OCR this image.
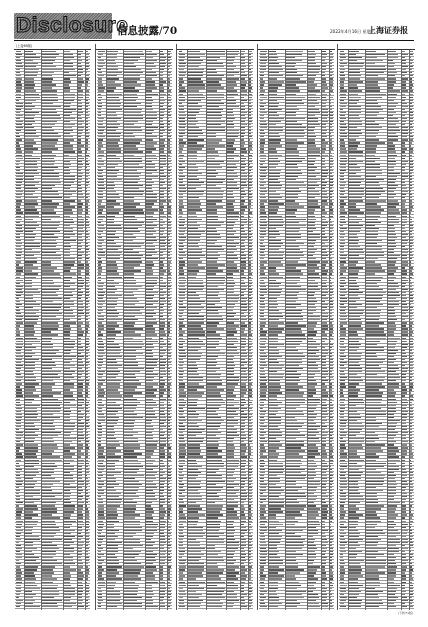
Disclosure
信息披露/70	2022年4月16日 星期六
上海证券报
(上接69版)
(下转71版)
